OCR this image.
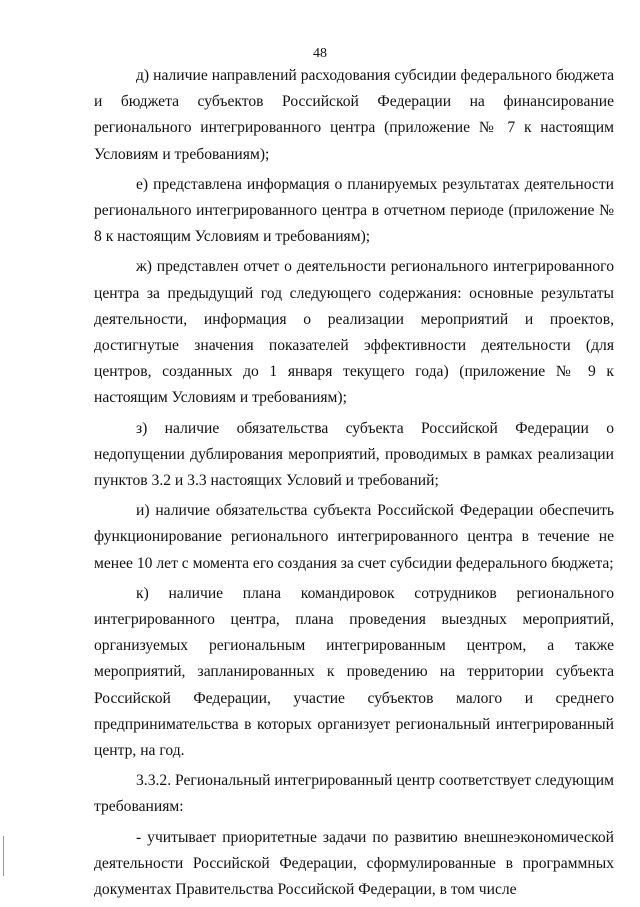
48

д) наличие направлений расходования субсидии федерального бюджета и бюджета субъектов Российской Федерации на финансирование регионального интегрированного центра (приложение № 7 к настоящим Условиям и требованиям);

е) представлена информация о планируемых результатах деятельности регионального интегрированного центра в отчетном периоде (приложение № 8 к настоящим Условиям и требованиям);

ж) представлен отчет о деятельности регионального интегрированного центра за предыдущий год следующего содержания: основные результаты деятельности, информация о реализации мероприятий и проектов, достигнутые значения показателей эффективности деятельности (для центров, созданных до 1 января текущего года) (приложение № 9 к настоящим Условиям и требованиям);

з) наличие обязательства субъекта Российской Федерации о недопущении дублирования мероприятий, проводимых в рамках реализации пунктов 3.2 и 3.3 настоящих Условий и требований;

и) наличие обязательства субъекта Российской Федерации обеспечить функционирование регионального интегрированного центра в течение не менее 10 лет с момента его создания за счет субсидии федерального бюджета;

к) наличие плана командировок сотрудников регионального интегрированного центра, плана проведения выездных мероприятий, организуемых региональным интегрированным центром, а также мероприятий, запланированных к проведению на территории субъекта Российской Федерации, участие субъектов малого и среднего предпринимательства в которых организует региональный интегрированный центр, на год.

3.3.2. Региональный интегрированный центр соответствует следующим требованиям:

- учитывает приоритетные задачи по развитию внешнеэкономической деятельности Российской Федерации, сформулированные в программных документах Правительства Российской Федерации, в том числе
